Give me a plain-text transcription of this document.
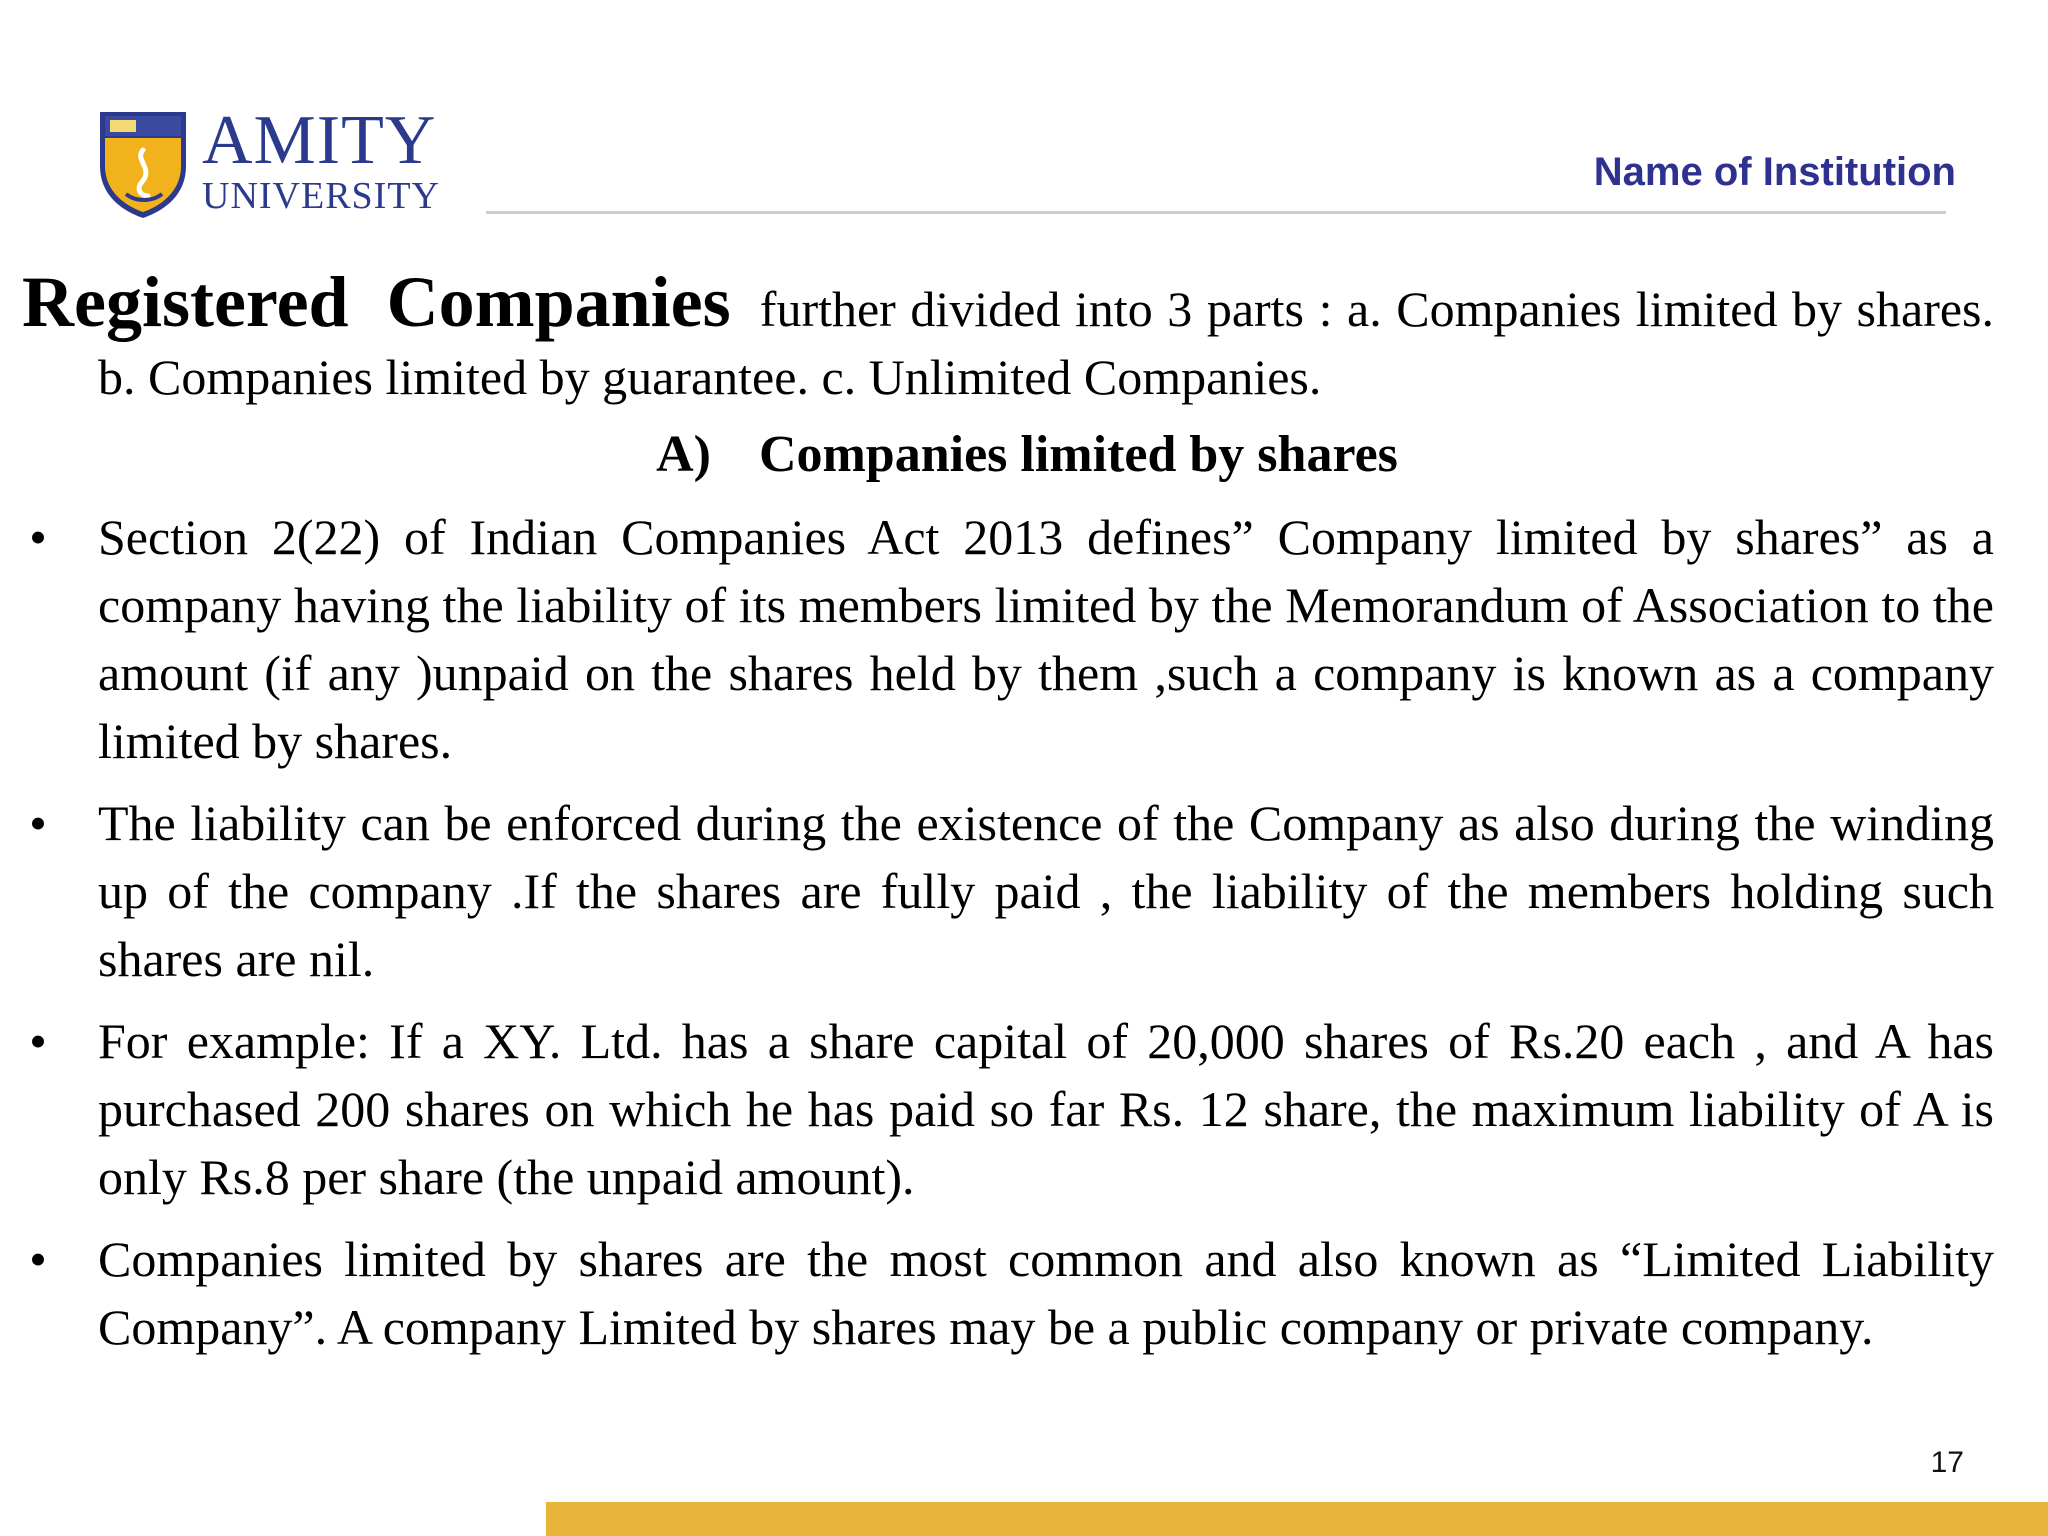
AMITY
UNIVERSITY
Name of Institution

Registered Companies further divided into 3 parts : a. Companies limited by shares. b. Companies limited by guarantee. c. Unlimited Companies.

A) Companies limited by shares
• Section 2(22) of Indian Companies Act 2013 defines” Company limited by shares” as a company having the liability of its members limited by the Memorandum of Association to the amount (if any )unpaid on the shares held by them ,such a company is known as a company limited by shares.
• The liability can be enforced during the existence of the Company as also during the winding up of the company .If the shares are fully paid , the liability of the members holding such shares are nil.
• For example: If a XY. Ltd. has a share capital of 20,000 shares of Rs.20 each , and A has purchased 200 shares on which he has paid so far Rs. 12 share, the maximum liability of A is only Rs.8 per share (the unpaid amount).
• Companies limited by shares are the most common and also known as “Limited Liability Company”. A company Limited by shares may be a public company or private company.
17
